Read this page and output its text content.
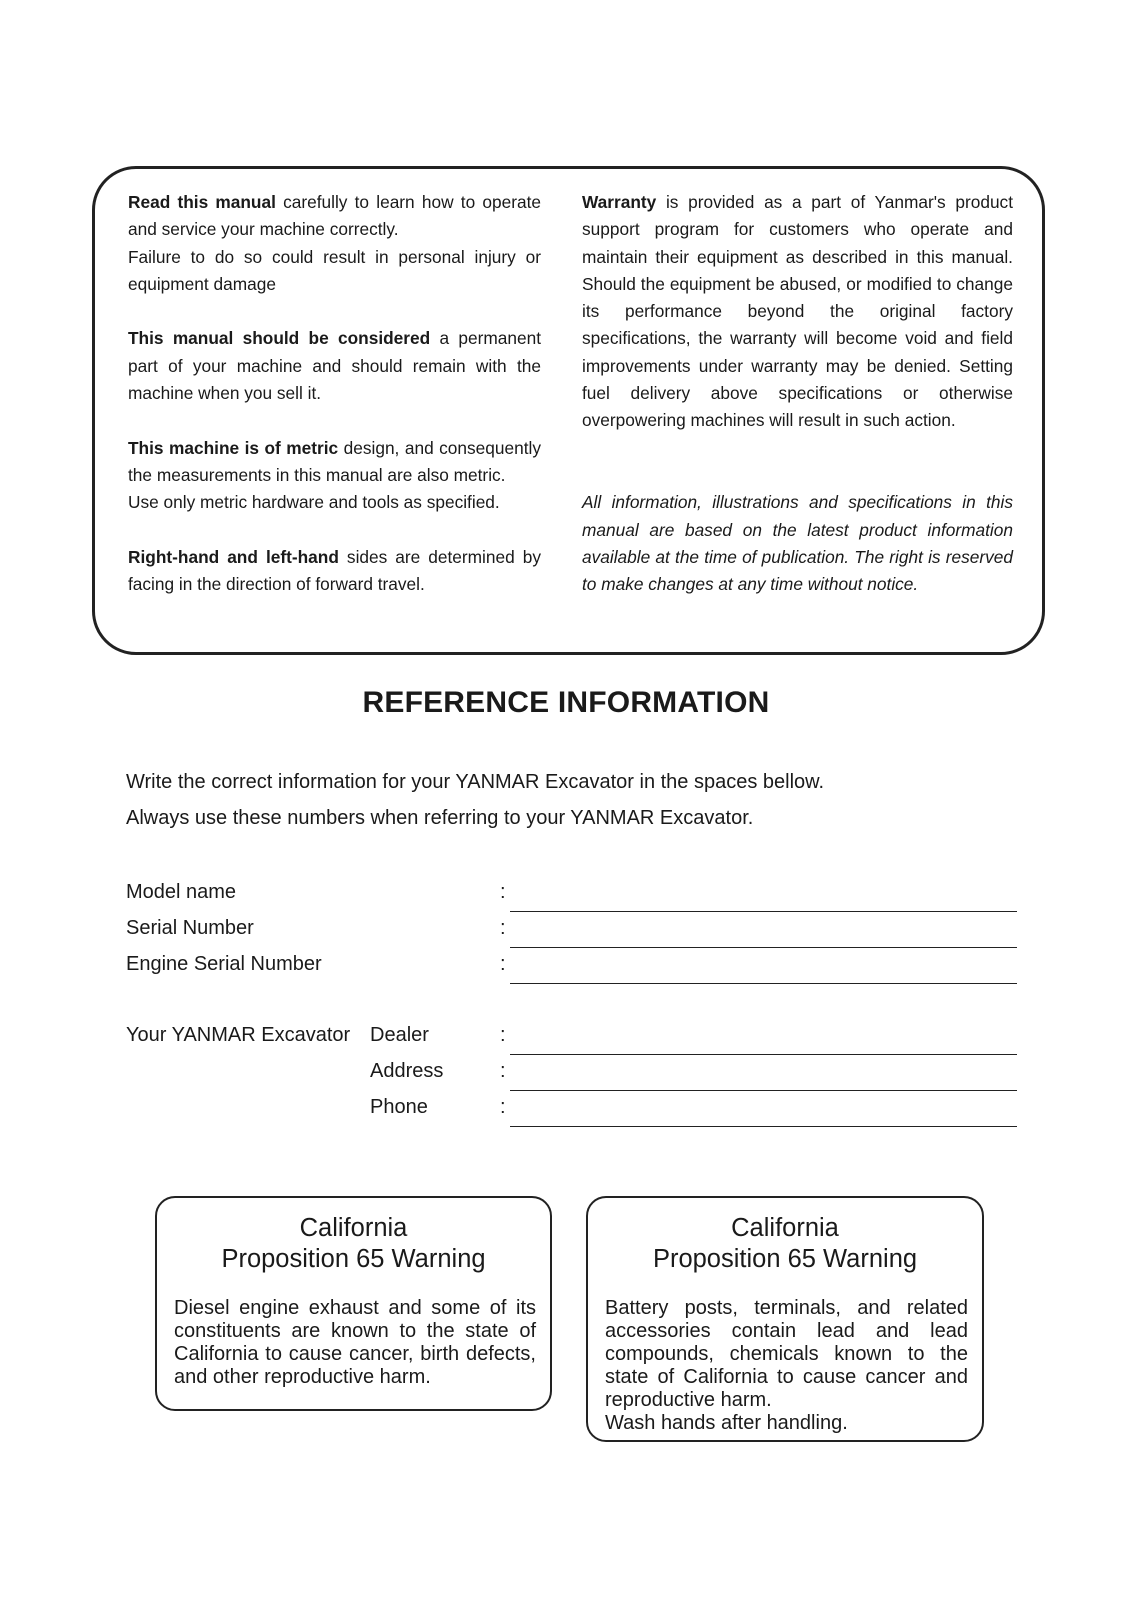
Read this manual carefully to learn how to operate and service your machine correctly.

Failure to do so could result in personal injury or equipment damage

This manual should be considered a permanent part of your machine and should remain with the machine when you sell it.

This machine is of metric design, and consequently the measurements in this manual are also metric.

Use only metric hardware and tools as specified.

Right-hand and left-hand sides are determined by facing in the direction of forward travel.

Warranty is provided as a part of Yanmar's product support program for customers who operate and maintain their equipment as described in this manual. Should the equipment be abused, or modified to change its performance beyond the original factory specifications, the warranty will become void and field improvements under warranty may be denied. Setting fuel delivery above specifications or otherwise overpowering machines will result in such action.

All information, illustrations and specifications in this manual are based on the latest product information available at the time of publication. The right is reserved to make changes at any time without notice.

REFERENCE INFORMATION

Write the correct information for your YANMAR Excavator in the spaces bellow.

Always use these numbers when referring to your YANMAR Excavator.

Model name	:
Serial Number	:
Engine Serial Number	:
Your YANMAR Excavator Dealer	:
Address	:
Phone	:
California
Proposition 65 Warning
Diesel engine exhaust and some of its constituents are known to the state of California to cause cancer, birth defects, and other reproductive harm.
California
Proposition 65 Warning

Battery posts, terminals, and related accessories contain lead and lead compounds, chemicals known to the state of California to cause cancer and reproductive harm.

Wash hands after handling.
